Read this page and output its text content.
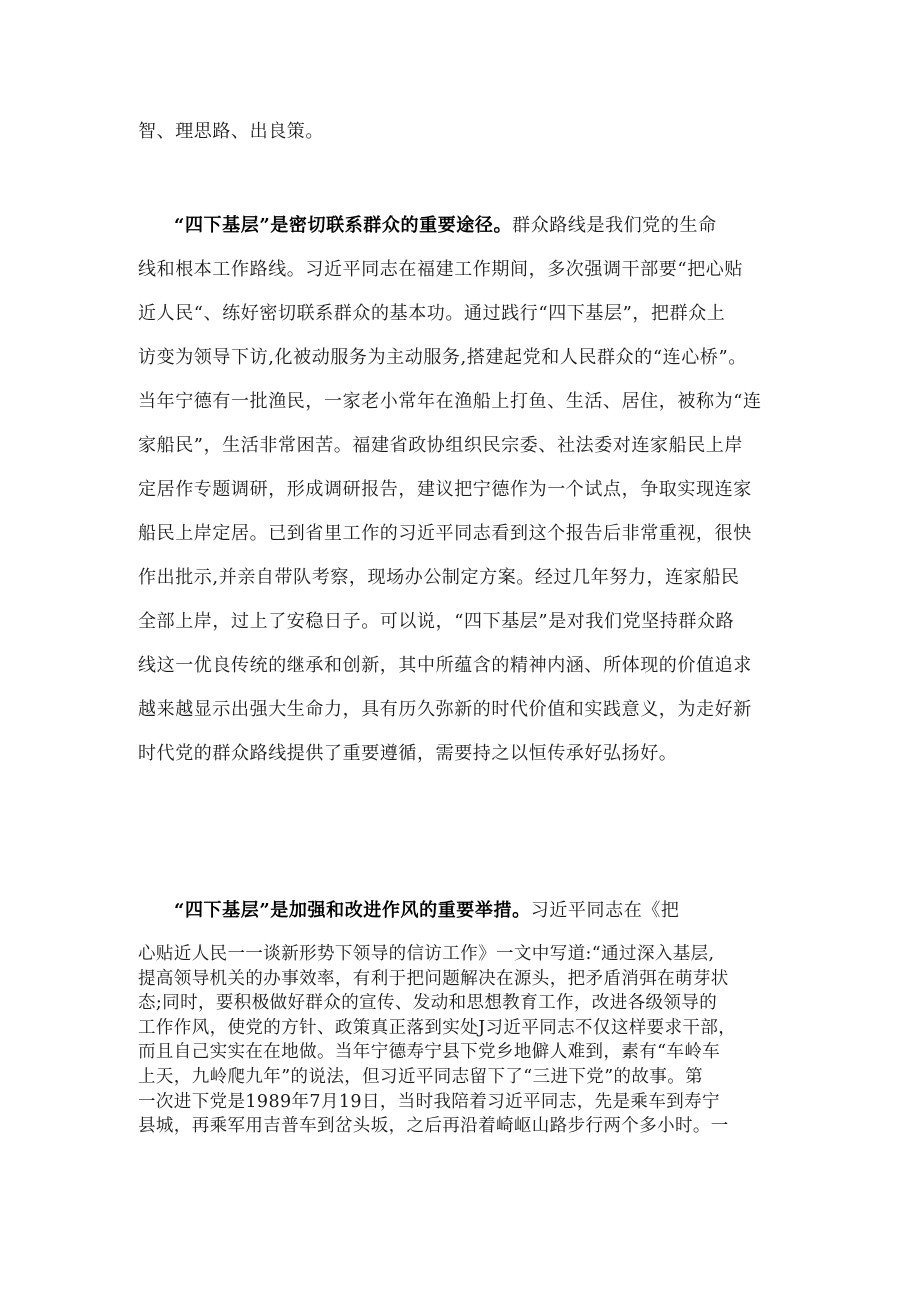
智、理思路、出良策。

“四下基层”是密切联系群众的重要途径。群众路线是我们党的生命

线和根本工作路线。习近平同志在福建工作期间，多次强调干部要“把心贴

近人民“、练好密切联系群众的基本功。通过践行“四下基层”，把群众上

访变为领导下访,化被动服务为主动服务,搭建起党和人民群众的“连心桥”。

当年宁德有一批渔民，一家老小常年在渔船上打鱼、生活、居住，被称为“连

家船民”，生活非常困苦。福建省政协组织民宗委、社法委对连家船民上岸

定居作专题调研，形成调研报告，建议把宁德作为一个试点，争取实现连家

船民上岸定居。已到省里工作的习近平同志看到这个报告后非常重视，很快

作出批示,并亲自带队考察，现场办公制定方案。经过几年努力，连家船民

全部上岸，过上了安稳日子。可以说，“四下基层”是对我们党坚持群众路

线这一优良传统的继承和创新，其中所蕴含的精神内涵、所体现的价值追求

越来越显示出强大生命力，具有历久弥新的时代价值和实践意义，为走好新

时代党的群众路线提供了重要遵循，需要持之以恒传承好弘扬好。

“四下基层”是加强和改进作风的重要举措。习近平同志在《把

心贴近人民一一谈新形势下领导的信访工作》一文中写道:“通过深入基层,
提高领导机关的办事效率，有利于把问题解决在源头，把矛盾消弭在萌芽状
态;同时，要积极做好群众的宣传、发动和思想教育工作，改进各级领导的
工作作风，使党的方针、政策真正落到实处J习近平同志不仅这样要求干部，
而且自己实实在在地做。当年宁德寿宁县下党乡地僻人难到，素有“车岭车
上天，九岭爬九年”的说法，但习近平同志留下了“三进下党”的故事。第
一次进下党是1989年7月19日，当时我陪着习近平同志，先是乘车到寿宁
县城，再乘军用吉普车到岔头坂，之后再沿着崎岖山路步行两个多小时。一
